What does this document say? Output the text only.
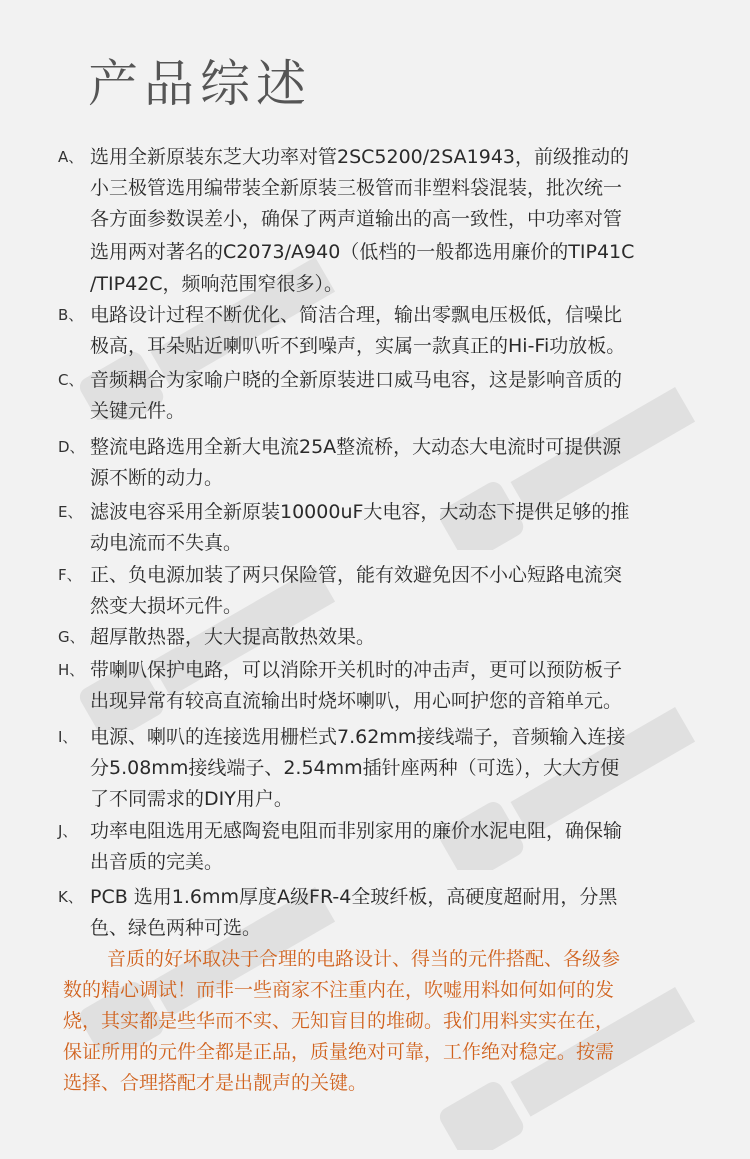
产品综述
A、 选用全新原装东芝大功率对管2SC5200/2SA1943，前级推动的
小三极管选用编带装全新原装三极管而非塑料袋混装，批次统一
各方面参数误差小，确保了两声道输出的高一致性，中功率对管
选用两对著名的C2073/A940（低档的一般都选用廉价的TIP41C
/TIP42C，频响范围窄很多）。
B、 电路设计过程不断优化、简洁合理，输出零飘电压极低，信噪比
极高，耳朵贴近喇叭听不到噪声，实属一款真正的Hi-Fi功放板。
C、 音频耦合为家喻户晓的全新原装进口威马电容，这是影响音质的
关键元件。
D、 整流电路选用全新大电流25A整流桥，大动态大电流时可提供源
源不断的动力。
E、 滤波电容采用全新原装10000uF大电容，大动态下提供足够的推
动电流而不失真。
F、 正、负电源加装了两只保险管，能有效避免因不小心短路电流突
然变大损坏元件。
G、 超厚散热器，大大提高散热效果。
H、 带喇叭保护电路，可以消除开关机时的冲击声，更可以预防板子
出现异常有较高直流输出时烧坏喇叭，用心呵护您的音箱单元。
I、 电源、喇叭的连接选用栅栏式7.62mm接线端子，音频输入连接
分5.08mm接线端子、2.54mm插针座两种（可选），大大方便
了不同需求的DIY用户。
J、 功率电阻选用无感陶瓷电阻而非别家用的廉价水泥电阻，确保输
出音质的完美。
K、 PCB 选用1.6mm厚度A级FR-4全玻纤板，高硬度超耐用，分黑
色、绿色两种可选。
音质的好坏取决于合理的电路设计、得当的元件搭配、各级参
数的精心调试！而非一些商家不注重内在，吹嘘用料如何如何的发
烧，其实都是些华而不实、无知盲目的堆砌。我们用料实实在在，
保证所用的元件全都是正品，质量绝对可靠，工作绝对稳定。按需
选择、合理搭配才是出靓声的关键。
